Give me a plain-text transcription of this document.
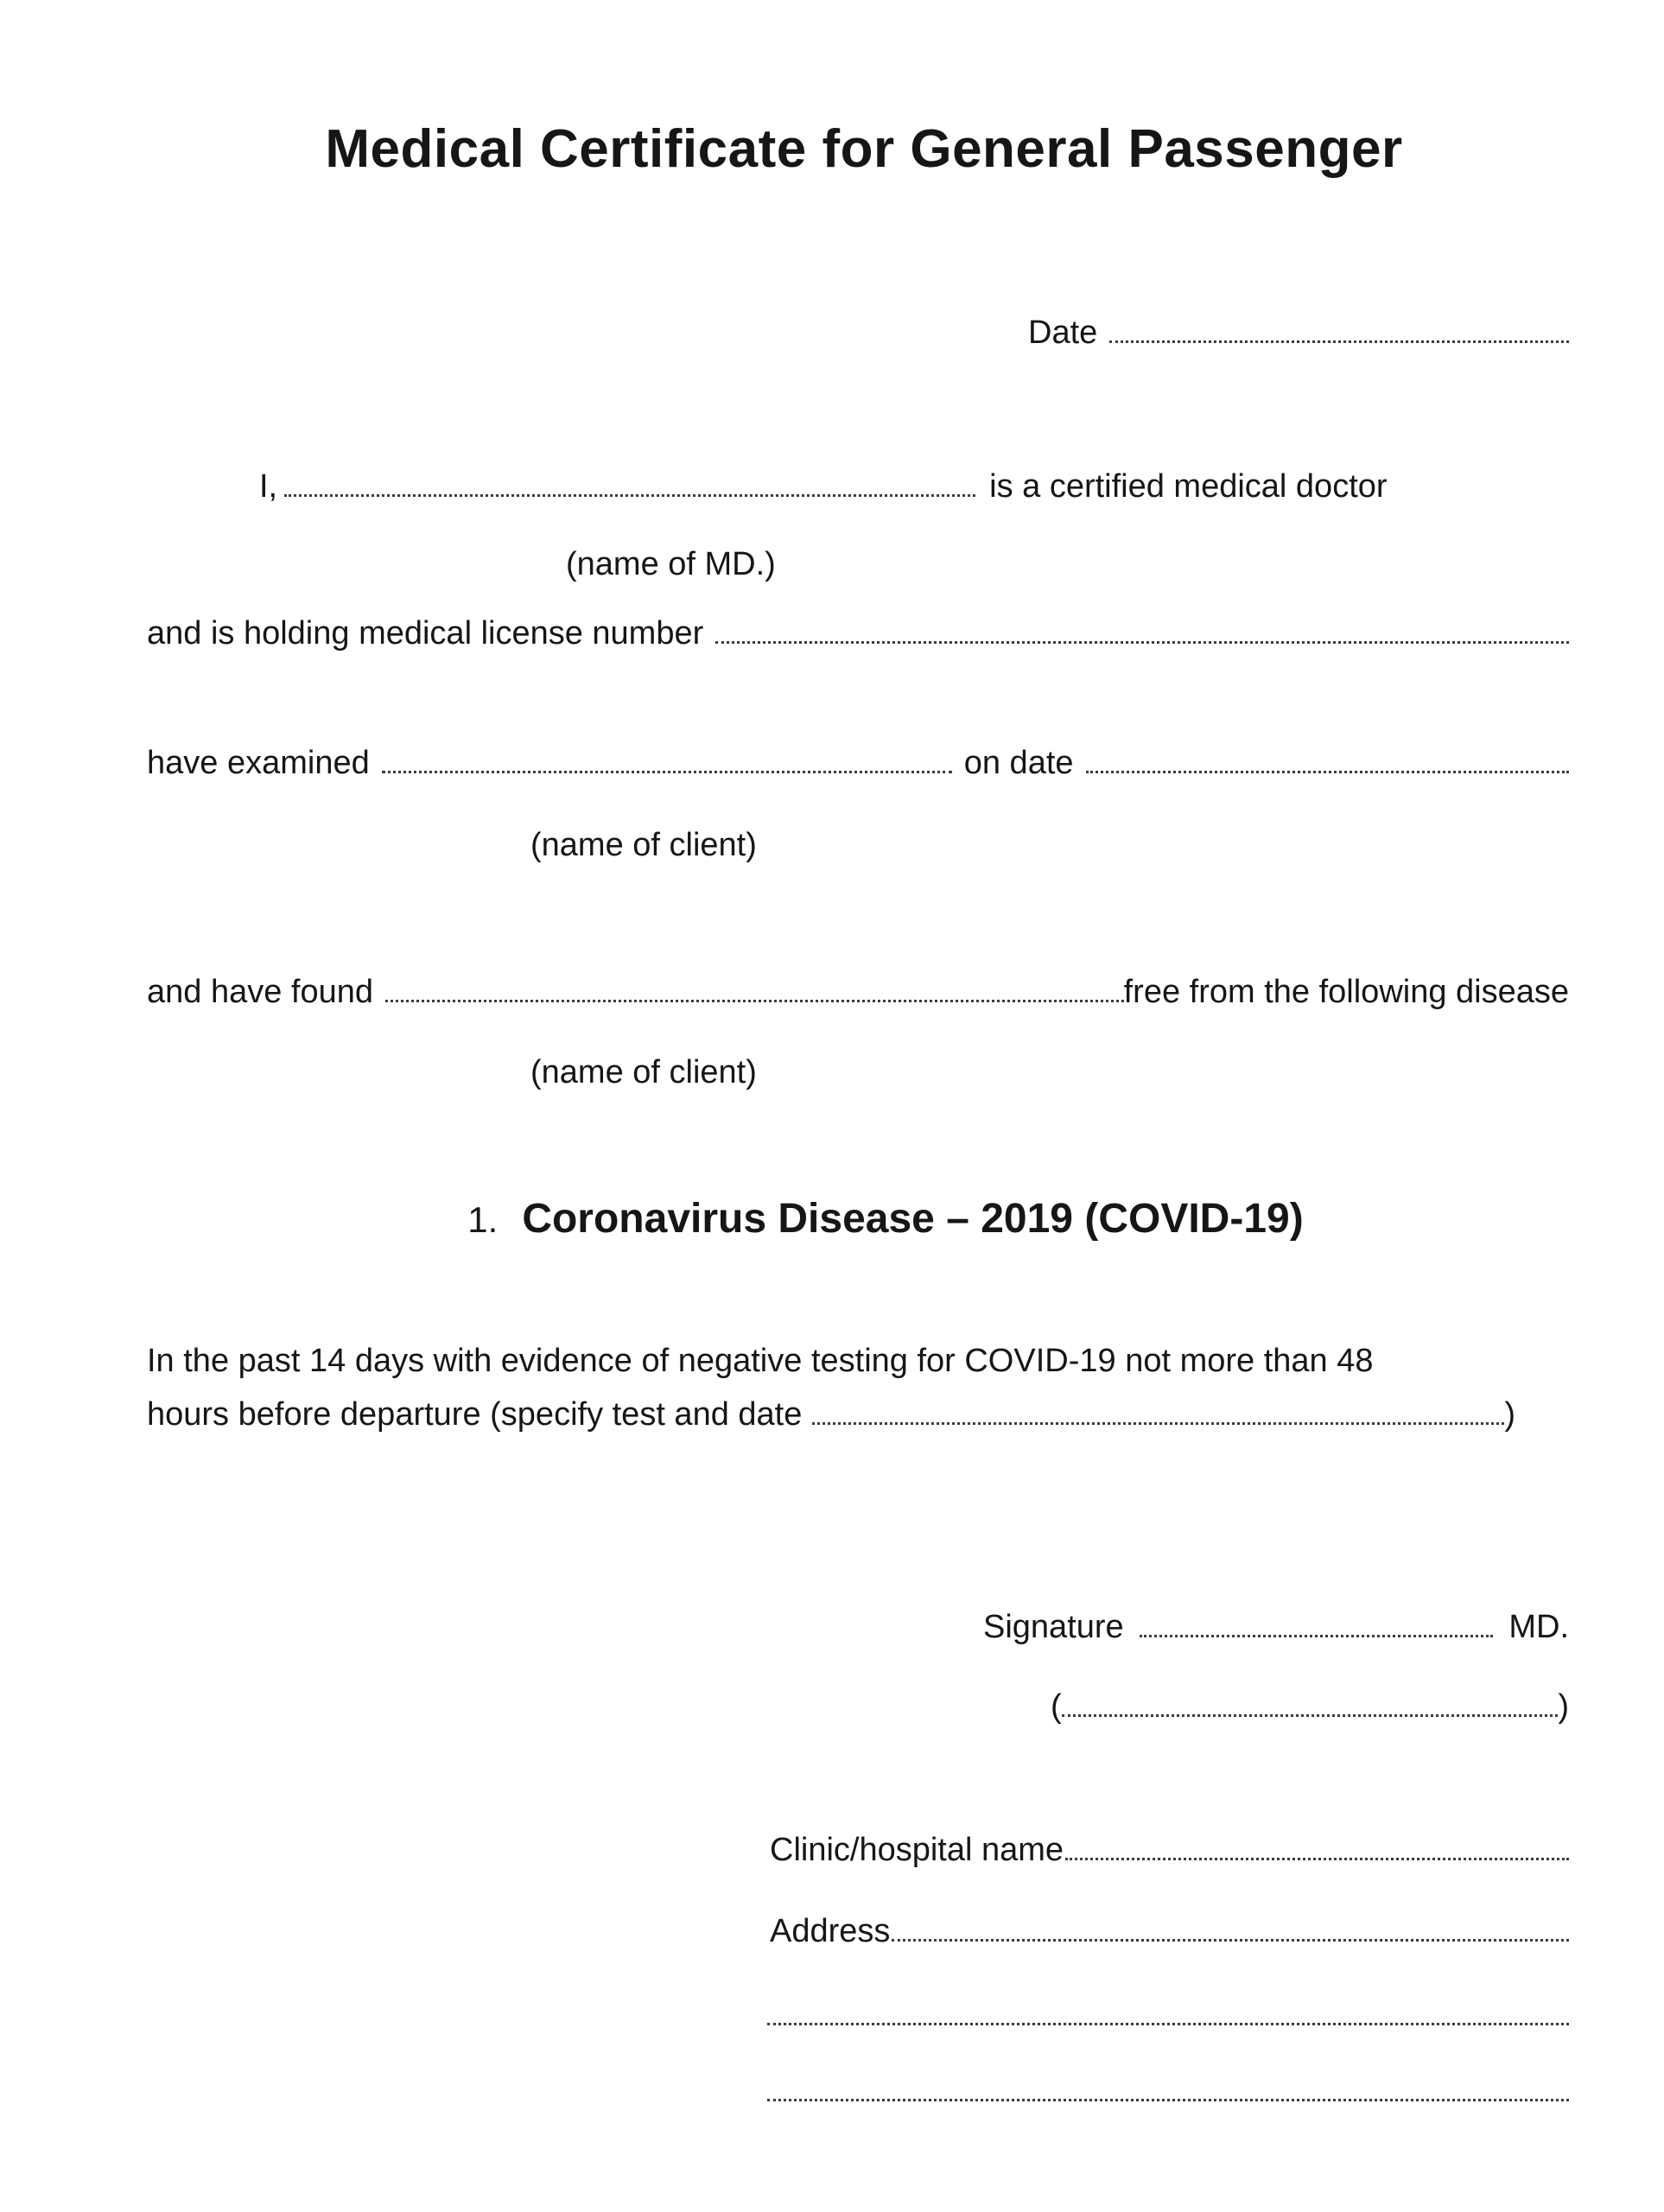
Medical Certificate for General Passenger
Date
I,	is a certified medical doctor
(name of MD.)
and is holding medical license number
have examined	on date
(name of client)
and have found	free from the following disease
(name of client)
1. Coronavirus Disease – 2019 (COVID-19)
In the past 14 days with evidence of negative testing for COVID-19 not more than 48
hours before departure (specify test and date	)
Signature	MD.
(	)
Clinic/hospital name
Address
